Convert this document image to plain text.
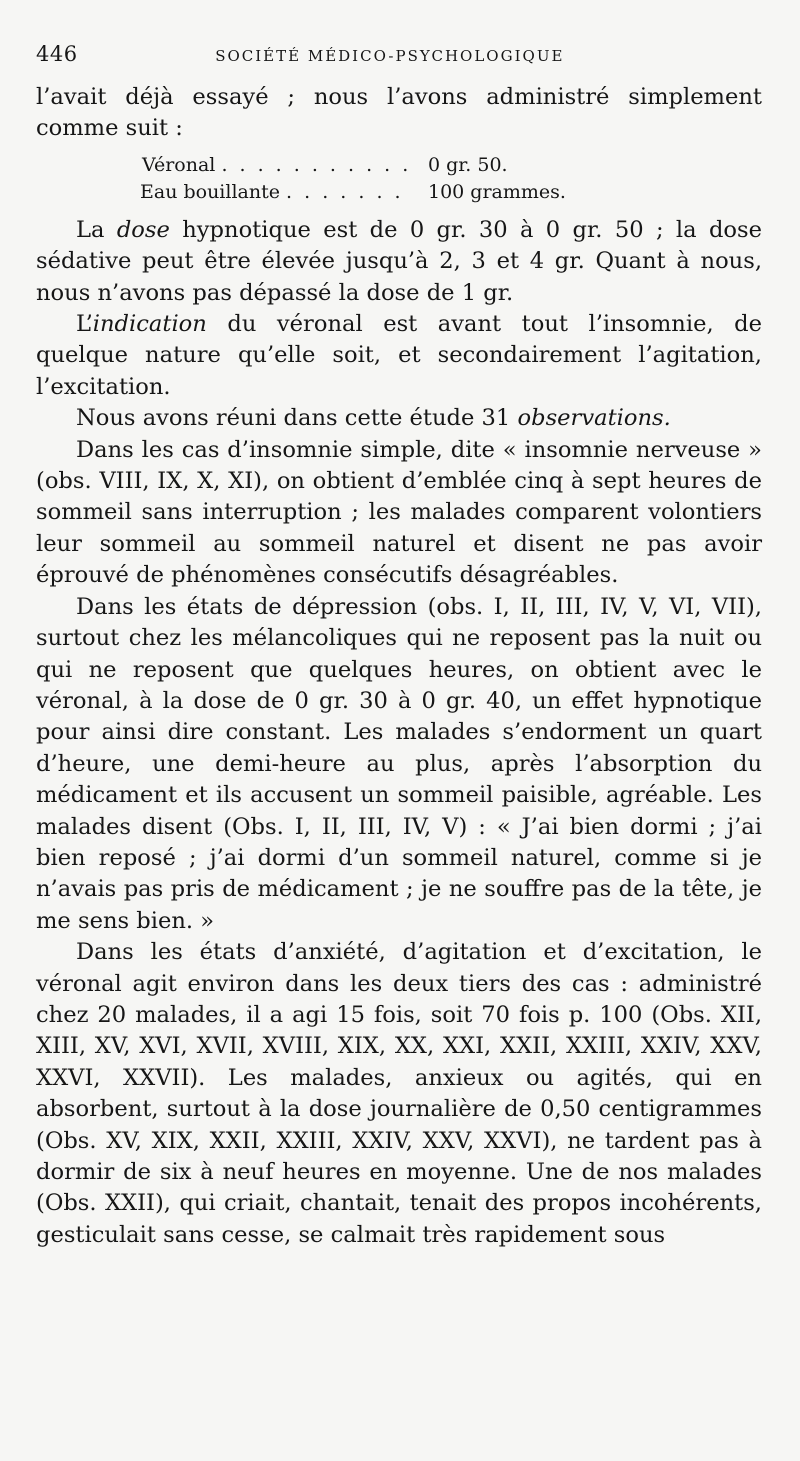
446	SOCIÉTÉ MÉDICO-PSYCHOLOGIQUE

l’avait déjà essayé ; nous l’avons administré simplement comme suit :

Véronal . . . . . . . . . . . 0 gr. 50.
Eau bouillante . . . . . . .	100 grammes.

La dose hypnotique est de 0 gr. 30 à 0 gr. 50 ; la dose sédative peut être élevée jusqu’à 2, 3 et 4 gr. Quant à nous, nous n’avons pas dépassé la dose de 1 gr.

L’indication du véronal est avant tout l’insomnie, de quelque nature qu’elle soit, et secondairement l’agitation, l’excitation.

Nous avons réuni dans cette étude 31 observations.

Dans les cas d’insomnie simple, dite « insomnie nerveuse » (obs. VIII, IX, X, XI), on obtient d’emblée cinq à sept heures de sommeil sans interruption ; les malades comparent volontiers leur sommeil au sommeil naturel et disent ne pas avoir éprouvé de phénomènes consécutifs désagréables.

Dans les états de dépression (obs. I, II, III, IV, V, VI, VII), surtout chez les mélancoliques qui ne reposent pas la nuit ou qui ne reposent que quelques heures, on obtient avec le véronal, à la dose de 0 gr. 30 à 0 gr. 40, un effet hypnotique pour ainsi dire constant. Les malades s’endorment un quart d’heure, une demi-heure au plus, après l’absorption du médicament et ils accusent un sommeil paisible, agréable. Les malades disent (Obs. I, II, III, IV, V) : « J’ai bien dormi ; j’ai bien reposé ; j’ai dormi d’un sommeil naturel, comme si je n’avais pas pris de médicament ; je ne souffre pas de la tête, je me sens bien. »

Dans les états d’anxiété, d’agitation et d’excitation, le véronal agit environ dans les deux tiers des cas : administré chez 20 malades, il a agi 15 fois, soit 70 fois p. 100 (Obs. XII, XIII, XV, XVI, XVII, XVIII, XIX, XX, XXI, XXII, XXIII, XXIV, XXV, XXVI, XXVII). Les malades, anxieux ou agités, qui en absorbent, surtout à la dose journalière de 0,50 centigrammes (Obs. XV, XIX, XXII, XXIII, XXIV, XXV, XXVI), ne tardent pas à dormir de six à neuf heures en moyenne. Une de nos malades (Obs. XXII), qui criait, chantait, tenait des propos incohérents, gesticulait sans cesse, se calmait très rapidement sous
